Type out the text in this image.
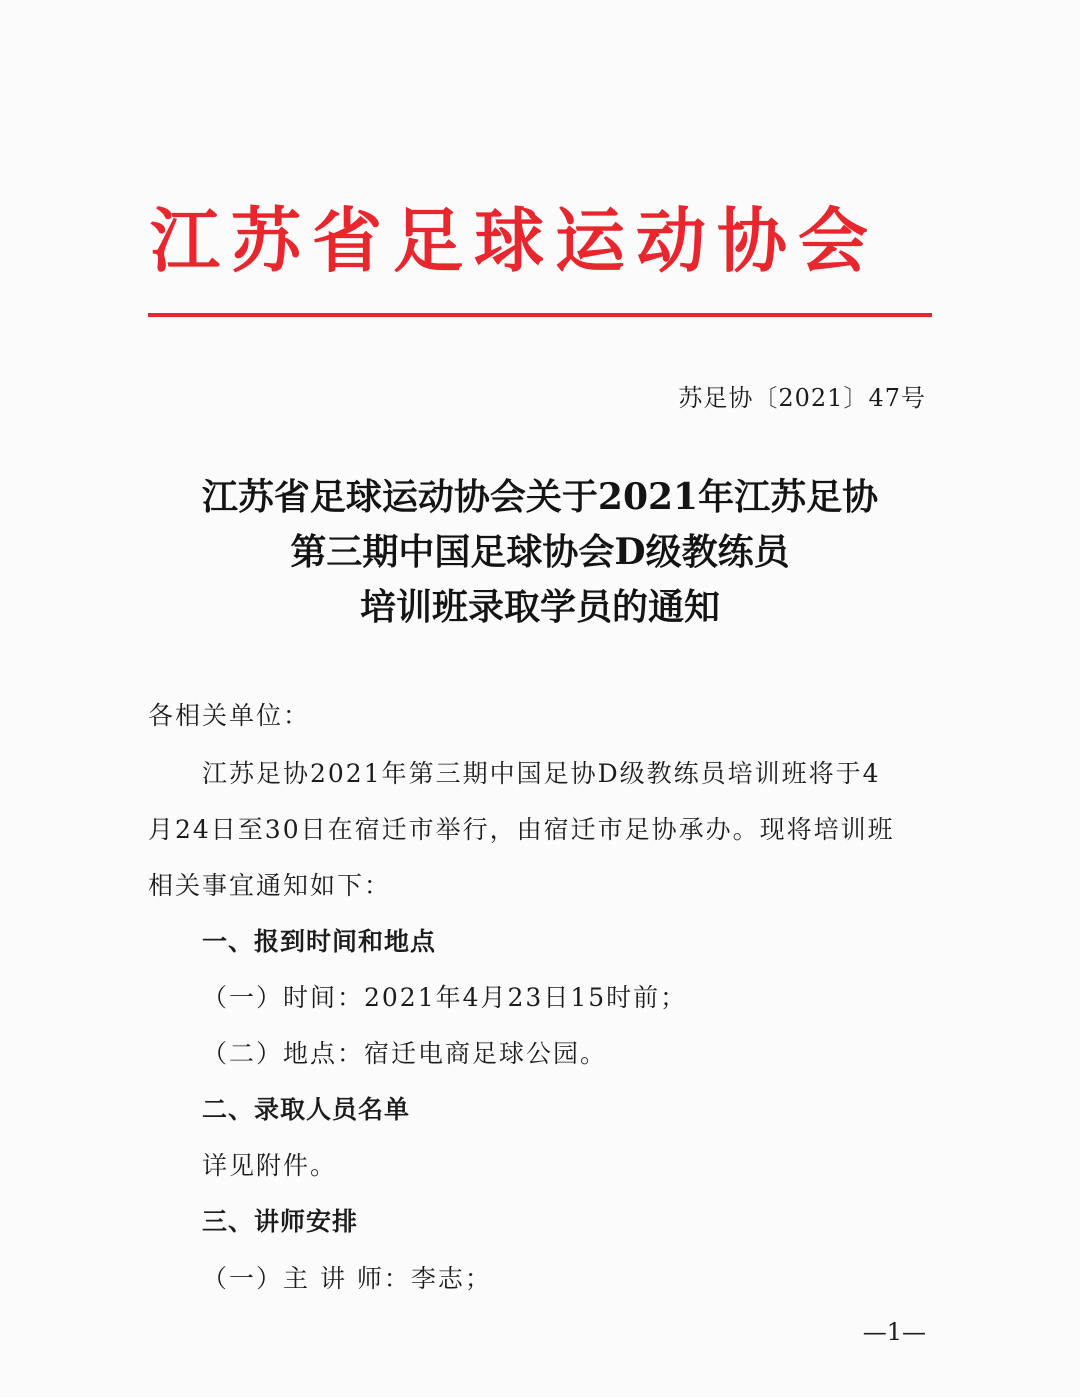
江苏省足球运动协会
苏足协〔2021〕47号
江苏省足球运动协会关于2021年江苏足协
第三期中国足球协会D级教练员
培训班录取学员的通知
各相关单位：
江苏足协2021年第三期中国足协D级教练员培训班将于4
月24日至30日在宿迁市举行，由宿迁市足协承办。现将培训班
相关事宜通知如下：
一、报到时间和地点
（一）时间：2021年4月23日15时前；
（二）地点：宿迁电商足球公园。
二、录取人员名单
详见附件。
三、讲师安排
（一）主 讲 师：李志；
—1—
